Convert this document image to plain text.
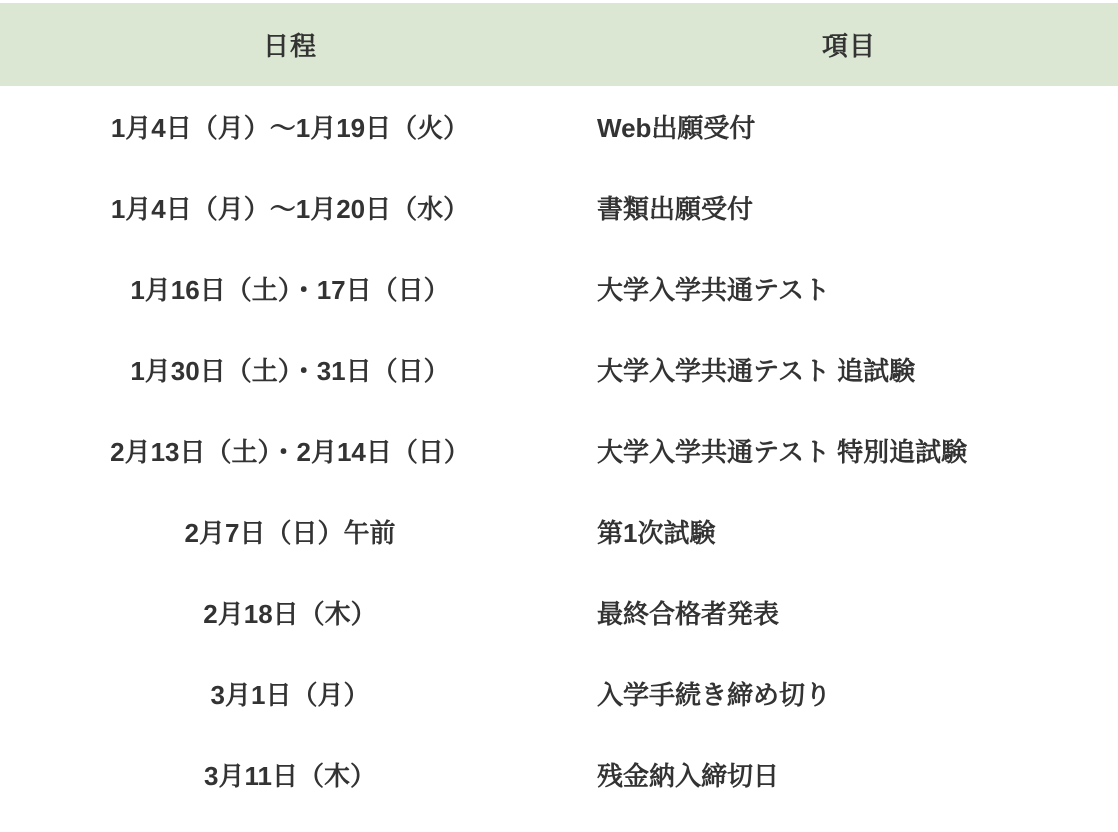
日程	項目
1月4日（月）～1月19日（火）	Web出願受付
1月4日（月）～1月20日（水）	書類出願受付
1月16日（土）・17日（日）	大学入学共通テスト
1月30日（土）・31日（日）	大学入学共通テスト 追試験
2月13日（土）・2月14日（日）	大学入学共通テスト 特別追試験
2月7日（日）午前	第1次試験
2月18日（木）	最終合格者発表
3月1日（月）	入学手続き締め切り
3月11日（木）	残金納入締切日
